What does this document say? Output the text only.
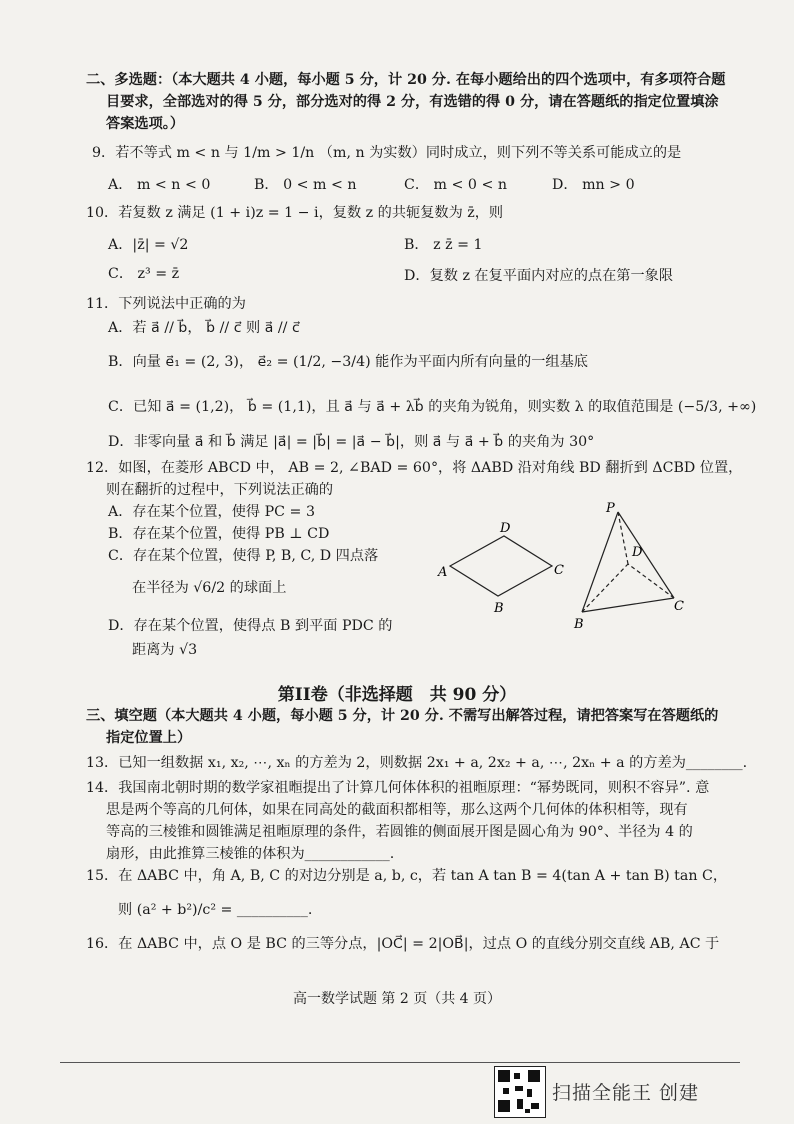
二、多选题：（本大题共 4 小题，每小题 5 分，计 20 分. 在每小题给出的四个选项中，有多项符合题
目要求，全部选对的得 5 分，部分选对的得 2 分，有选错的得 0 分，请在答题纸的指定位置填涂
答案选项。）
9．若不等式 m < n 与 1/m > 1/n （m, n 为实数）同时成立，则下列不等关系可能成立的是
A． m < n < 0	B． 0 < m < n	C． m < 0 < n	D． mn > 0
10．若复数 z 满足 (1 + i)z = 1 − i，复数 z 的共轭复数为 z̄，则
A．|z̄| = √2	B． z z̄ = 1
C． z³ = z̄	D．复数 z 在复平面内对应的点在第一象限
11．下列说法中正确的为
A．若 a⃗ // b⃗， b⃗ // c⃗ 则 a⃗ // c⃗
B．向量 e⃗₁ = (2, 3)， e⃗₂ = (1/2, −3/4) 能作为平面内所有向量的一组基底
C．已知 a⃗ = (1,2)， b⃗ = (1,1)，且 a⃗ 与 a⃗ + λb⃗ 的夹角为锐角，则实数 λ 的取值范围是 (−5/3, +∞)
D．非零向量 a⃗ 和 b⃗ 满足 |a⃗| = |b⃗| = |a⃗ − b⃗|，则 a⃗ 与 a⃗ + b⃗ 的夹角为 30°
12．如图，在菱形 ABCD 中， AB = 2, ∠BAD = 60°，将 ΔABD 沿对角线 BD 翻折到 ΔCBD 位置，
则在翻折的过程中，下列说法正确的
A．存在某个位置，使得 PC = 3
B．存在某个位置，使得 PB ⊥ CD
C．存在某个位置，使得 P, B, C, D 四点落
在半径为 √6/2 的球面上
D．存在某个位置，使得点 B 到平面 PDC 的
距离为 √3
A
D
C
B
P
D
C
B
第II卷（非选择题　共 90 分）
三、填空题（本大题共 4 小题，每小题 5 分，计 20 分. 不需写出解答过程，请把答案写在答题纸的
指定位置上）
13．已知一组数据 x₁, x₂, ⋯, xₙ 的方差为 2，则数据 2x₁ + a, 2x₂ + a, ⋯, 2xₙ + a 的方差为________.
14．我国南北朝时期的数学家祖暅提出了计算几何体体积的祖暅原理：“幂势既同，则积不容异”. 意
思是两个等高的几何体，如果在同高处的截面积都相等，那么这两个几何体的体积相等，现有
等高的三棱锥和圆锥满足祖暅原理的条件，若圆锥的侧面展开图是圆心角为 90°、半径为 4 的
扇形，由此推算三棱锥的体积为____________.
15．在 ΔABC 中，角 A, B, C 的对边分别是 a, b, c，若 tan A tan B = 4(tan A + tan B) tan C，
则 (a² + b²)/c² = __________.
16．在 ΔABC 中，点 O 是 BC 的三等分点，|OC⃗| = 2|OB⃗|，过点 O 的直线分别交直线 AB, AC 于
高一数学试题 第 2 页（共 4 页）
扫描全能王 创建
